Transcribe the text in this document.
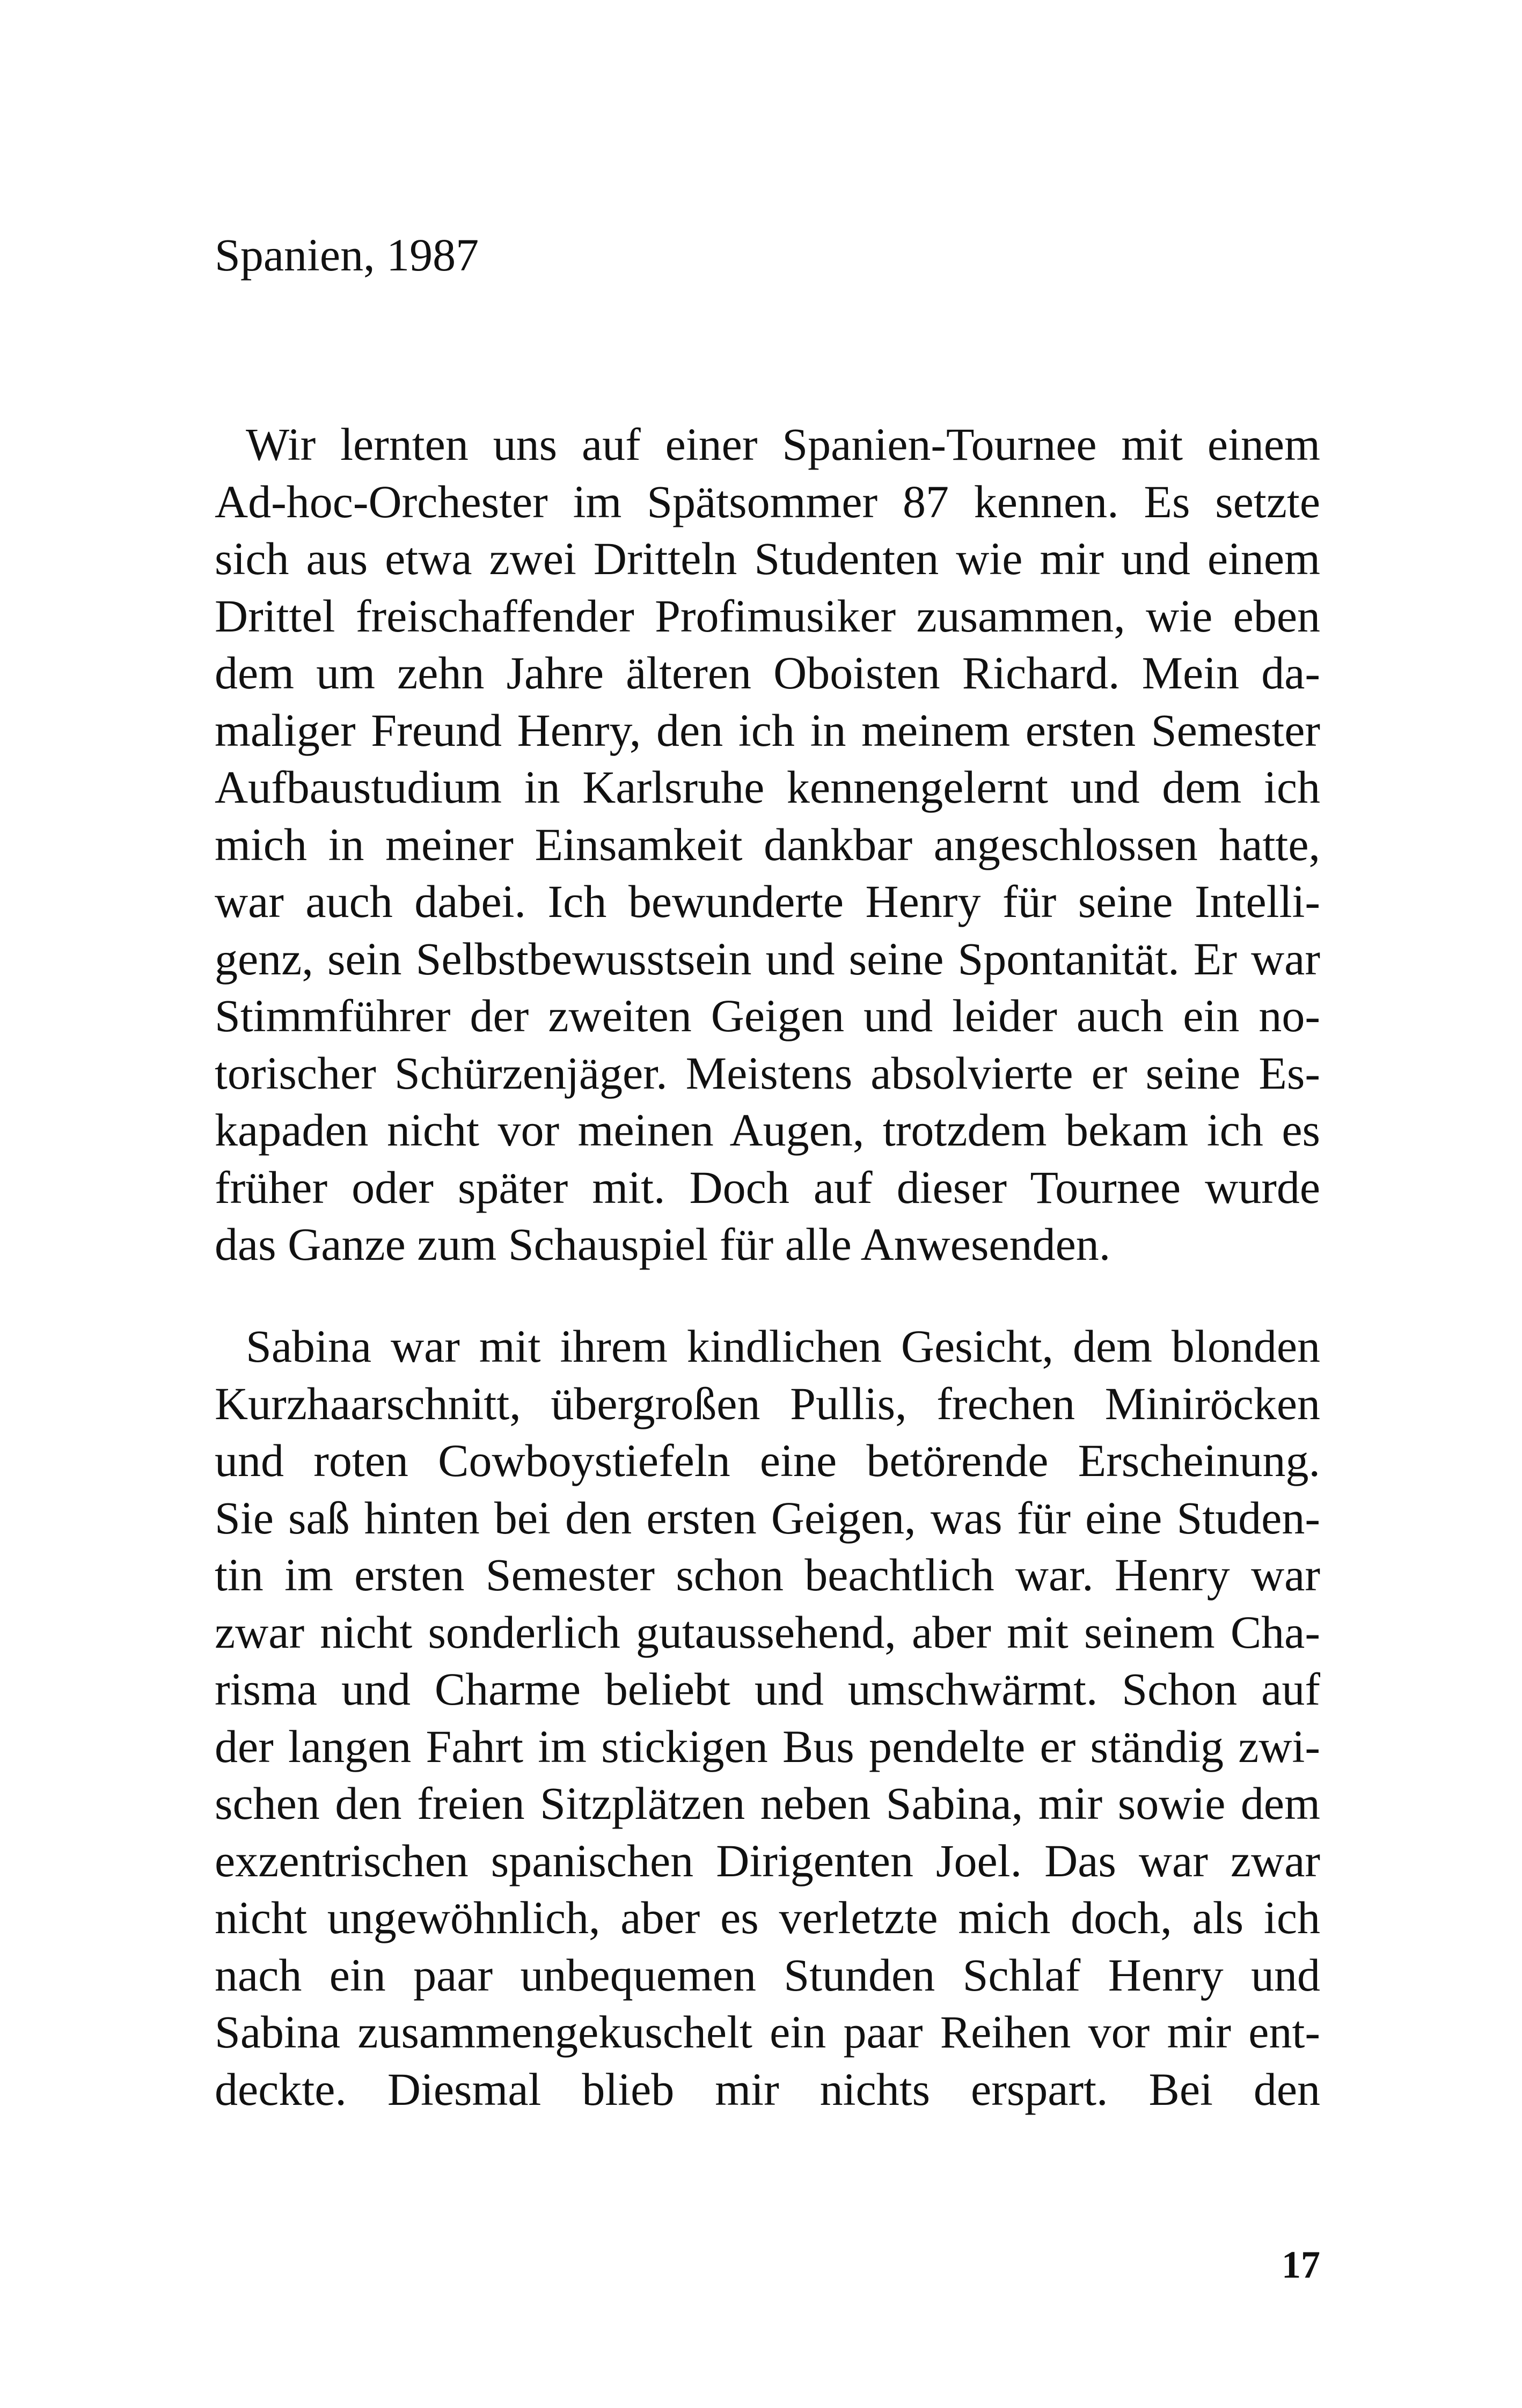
Spanien, 1987
Wir lernten uns auf einer Spanien-Tournee mit einem
Ad-hoc-Orchester im Spätsommer 87 kennen. Es setzte
sich aus etwa zwei Dritteln Studenten wie mir und einem
Drittel freischaffender Profimusiker zusammen, wie eben
dem um zehn Jahre älteren Oboisten Richard. Mein da-
maliger Freund Henry, den ich in meinem ersten Semester
Aufbaustudium in Karlsruhe kennengelernt und dem ich
mich in meiner Einsamkeit dankbar angeschlossen hatte,
war auch dabei. Ich bewunderte Henry für seine Intelli-
genz, sein Selbstbewusstsein und seine Spontanität. Er war
Stimmführer der zweiten Geigen und leider auch ein no-
torischer Schürzenjäger. Meistens absolvierte er seine Es-
kapaden nicht vor meinen Augen, trotzdem bekam ich es
früher oder später mit. Doch auf dieser Tournee wurde
das Ganze zum Schauspiel für alle Anwesenden.
Sabina war mit ihrem kindlichen Gesicht, dem blonden
Kurzhaarschnitt, übergroßen Pullis, frechen Miniröcken
und roten Cowboystiefeln eine betörende Erscheinung.
Sie saß hinten bei den ersten Geigen, was für eine Studen-
tin im ersten Semester schon beachtlich war. Henry war
zwar nicht sonderlich gutaussehend, aber mit seinem Cha-
risma und Charme beliebt und umschwärmt. Schon auf
der langen Fahrt im stickigen Bus pendelte er ständig zwi-
schen den freien Sitzplätzen neben Sabina, mir sowie dem
exzentrischen spanischen Dirigenten Joel. Das war zwar
nicht ungewöhnlich, aber es verletzte mich doch, als ich
nach ein paar unbequemen Stunden Schlaf Henry und
Sabina zusammengekuschelt ein paar Reihen vor mir ent-
deckte. Diesmal blieb mir nichts erspart. Bei den
17
